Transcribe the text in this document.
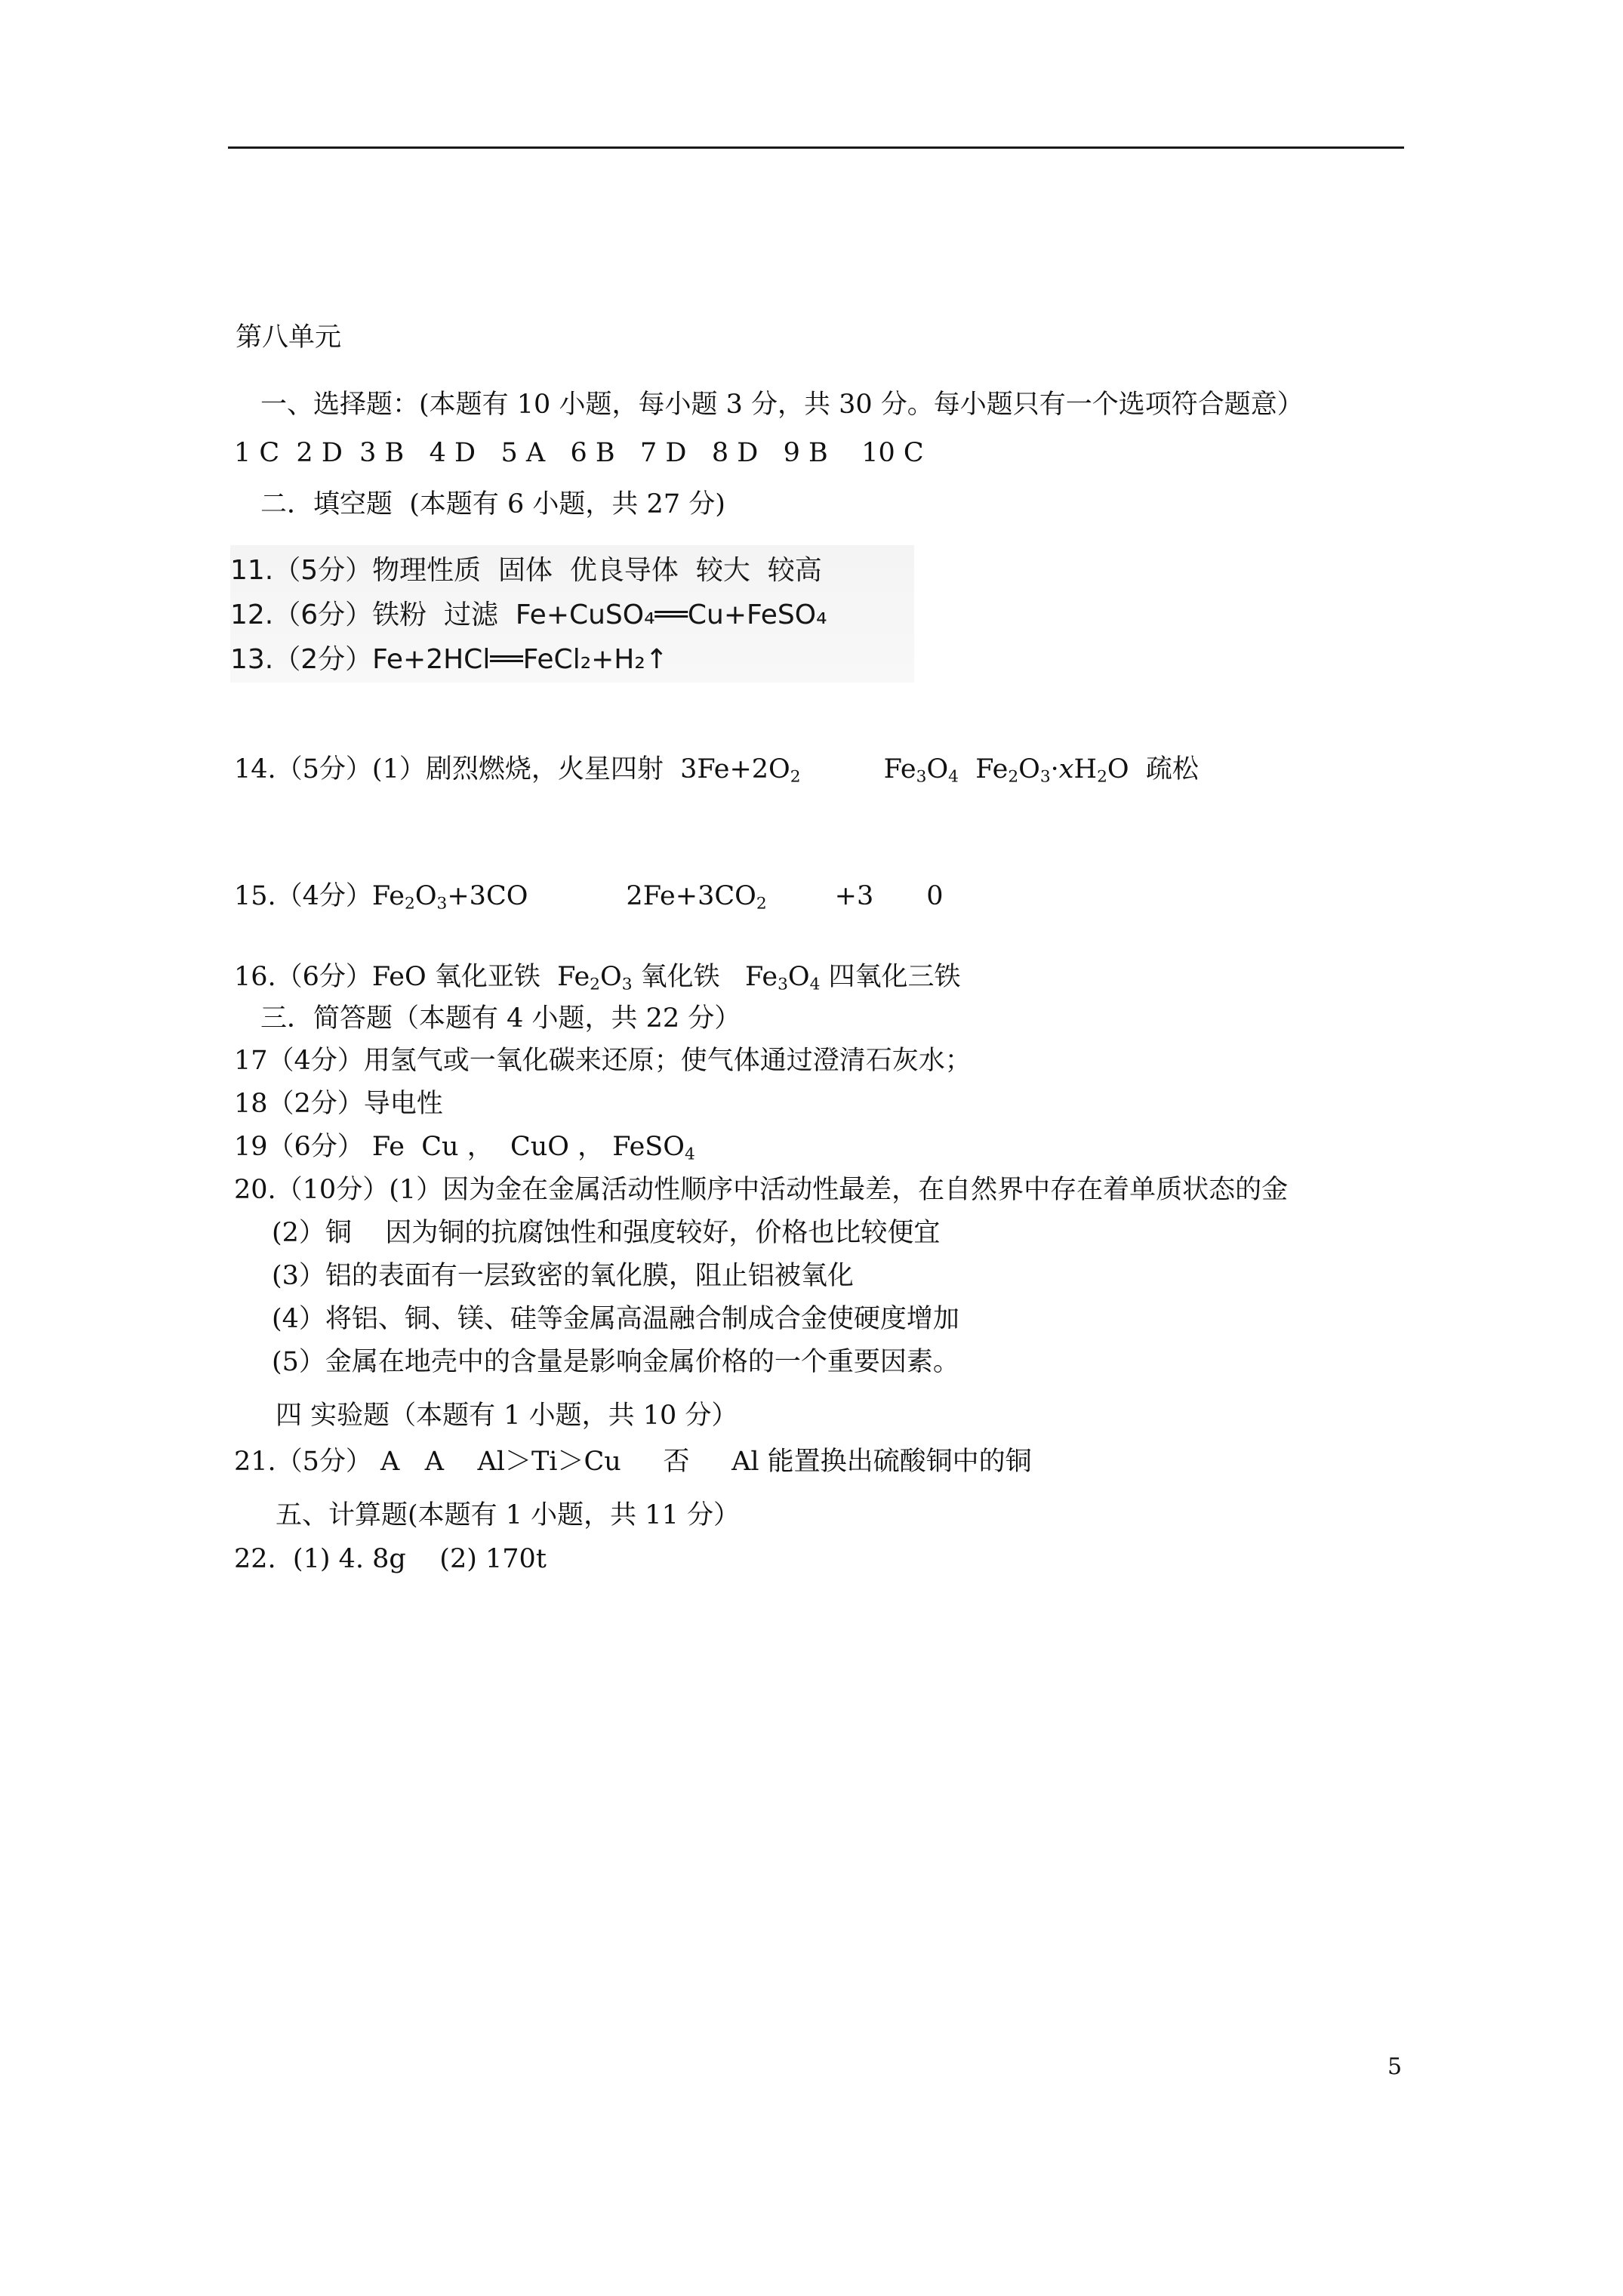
第八单元
一、选择题：(本题有 10 小题，每小题 3 分，共 30 分。每小题只有一个选项符合题意）
1 C  2 D  3 B   4 D   5 A   6 B   7 D   8 D   9 B    10 C
二．填空题  (本题有 6 小题，共 27 分)
11.（5分）物理性质  固体  优良导体  较大  较高
12.（6分）铁粉  过滤  Fe+CuSO₄══Cu+FeSO₄
13.（2分）Fe+2HCl══FeCl₂+H₂↑
14.（5分）(1）剧烈燃烧，火星四射  $3Fe+2O_2$	$Fe_3O_4$  $Fe_2O_3\cdot xH_2O$  疏松
15.（4分）$Fe_2O_3+3CO$	$2Fe+3CO_2$	+3 0
16.（6分）FeO 氧化亚铁  $Fe_2O_3$ 氧化铁   $Fe_3O_4$ 四氧化三铁
三．简答题（本题有 4 小题，共 22 分）
17（4分）用氢气或一氧化碳来还原；使气体通过澄清石灰水；
18（2分）导电性
19（6分） Fe  Cu ，  CuO ， FeSO$_4$
20.（10分）(1）因为金在金属活动性顺序中活动性最差，在自然界中存在着单质状态的金
(2）铜    因为铜的抗腐蚀性和强度较好，价格也比较便宜
(3）铝的表面有一层致密的氧化膜，阻止铝被氧化
(4）将铝、铜、镁、硅等金属高温融合制成合金使硬度增加
(5）金属在地壳中的含量是影响金属价格的一个重要因素。
四 实验题（本题有 1 小题，共 10 分）
21.（5分） A   A    Al＞Ti＞Cu     否     Al 能置换出硫酸铜中的铜
五、计算题(本题有 1 小题，共 11 分）
22.  (1) 4. 8g    (2) 170t
5
